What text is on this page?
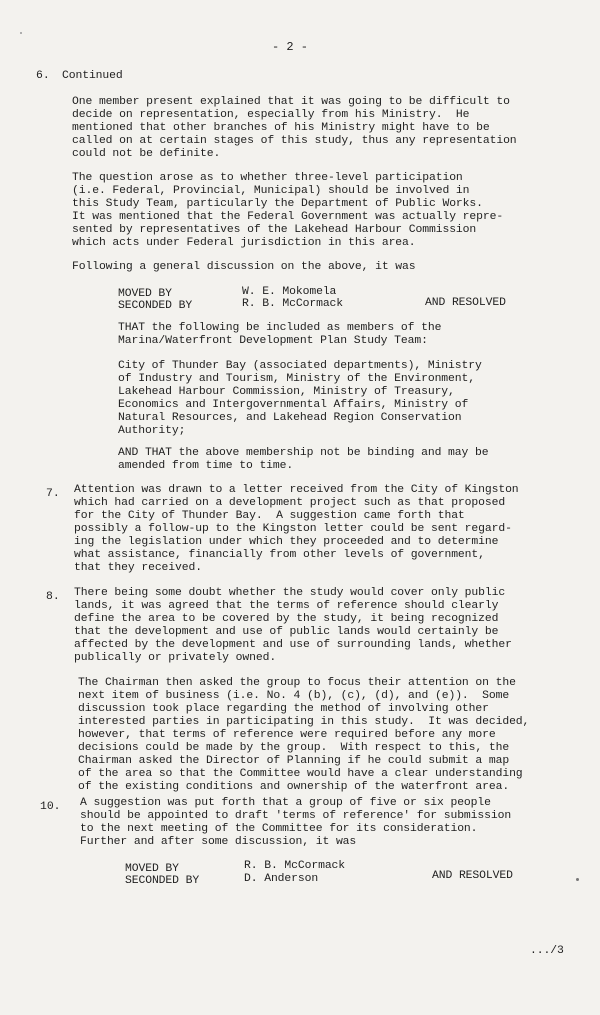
- 2 -
6. Continued
One member present explained that it was going to be difficult to
decide on representation, especially from his Ministry.  He
mentioned that other branches of his Ministry might have to be
called on at certain stages of this study, thus any representation
could not be definite.
The question arose as to whether three-level participation
(i.e. Federal, Provincial, Municipal) should be involved in
this Study Team, particularly the Department of Public Works.
It was mentioned that the Federal Government was actually repre-
sented by representatives of the Lakehead Harbour Commission
which acts under Federal jurisdiction in this area.
Following a general discussion on the above, it was
MOVED BY	W. E. Mokomela
SECONDED BY	R. B. McCormack	AND RESOLVED
THAT the following be included as members of the
Marina/Waterfront Development Plan Study Team:
City of Thunder Bay (associated departments), Ministry
of Industry and Tourism, Ministry of the Environment,
Lakehead Harbour Commission, Ministry of Treasury,
Economics and Intergovernmental Affairs, Ministry of
Natural Resources, and Lakehead Region Conservation
Authority;
AND THAT the above membership not be binding and may be
amended from time to time.
7. Attention was drawn to a letter received from the City of Kingston
which had carried on a development project such as that proposed
for the City of Thunder Bay.  A suggestion came forth that
possibly a follow-up to the Kingston letter could be sent regard-
ing the legislation under which they proceeded and to determine
what assistance, financially from other levels of government,
that they received.
8. There being some doubt whether the study would cover only public
lands, it was agreed that the terms of reference should clearly
define the area to be covered by the study, it being recognized
that the development and use of public lands would certainly be
affected by the development and use of surrounding lands, whether
publically or privately owned.
The Chairman then asked the group to focus their attention on the
next item of business (i.e. No. 4 (b), (c), (d), and (e)).  Some
discussion took place regarding the method of involving other
interested parties in participating in this study.  It was decided,
however, that terms of reference were required before any more
decisions could be made by the group.  With respect to this, the
Chairman asked the Director of Planning if he could submit a map
of the area so that the Committee would have a clear understanding
of the existing conditions and ownership of the waterfront area.
10. A suggestion was put forth that a group of five or six people
should be appointed to draft 'terms of reference' for submission
to the next meeting of the Committee for its consideration.
Further and after some discussion, it was
MOVED BY	R. B. McCormack
SECONDED BY	D. Anderson	AND RESOLVED
.../3
